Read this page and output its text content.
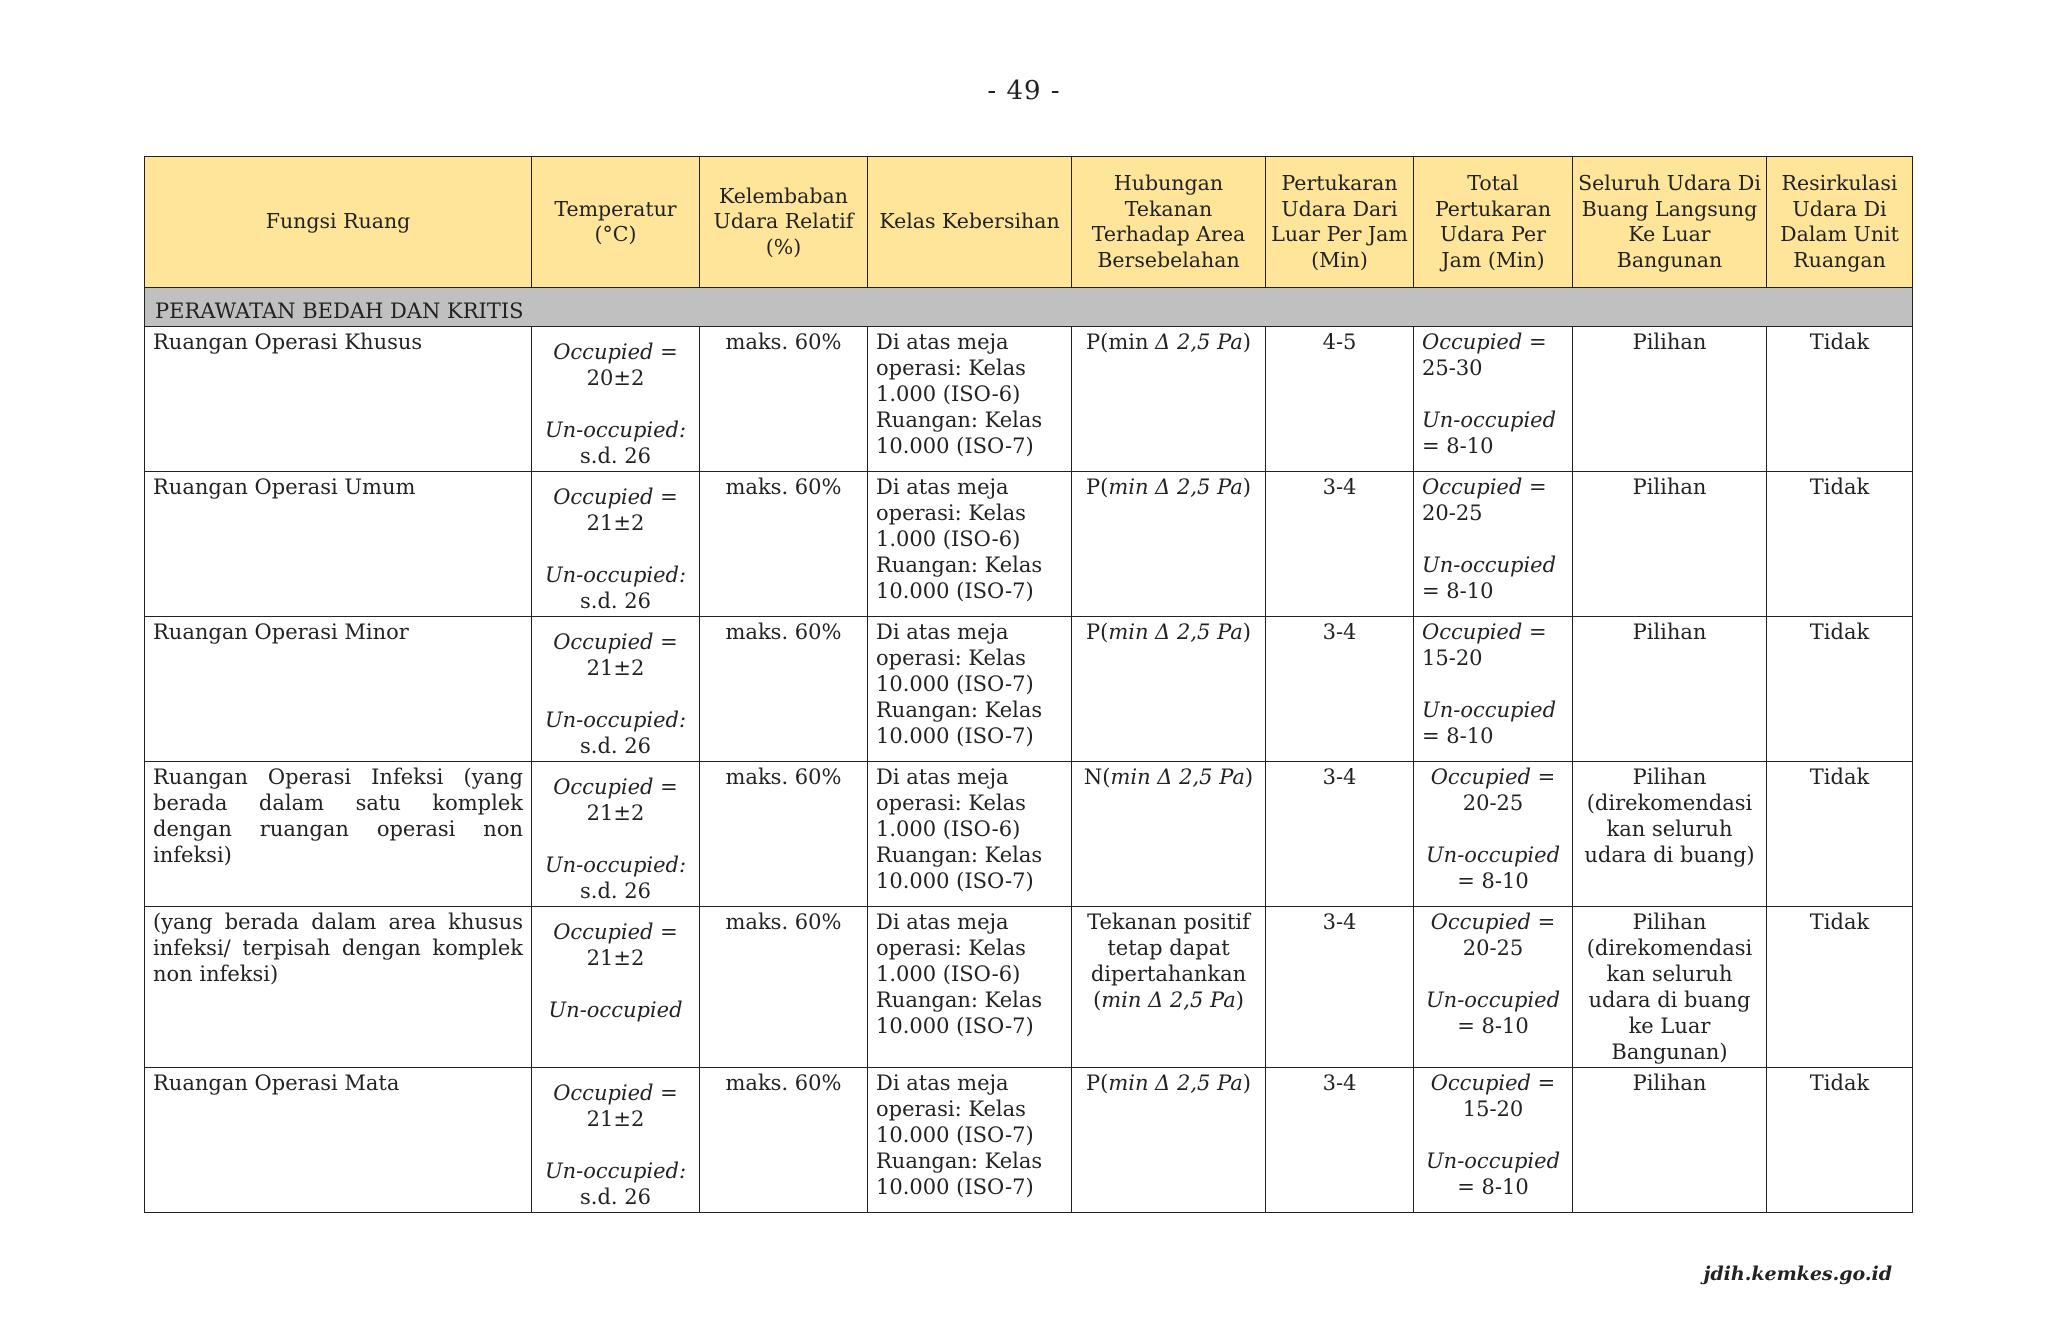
- 49 -
Fungsi Ruang	Temperatur (°C)	Kelembaban Udara Relatif (%)	Kelas Kebersihan	Hubungan Tekanan Terhadap Area Bersebelahan	Pertukaran Udara Dari Luar Per Jam (Min)	Total Pertukaran Udara Per Jam (Min)	Seluruh Udara Di Buang Langsung Ke Luar Bangunan	Resirkulasi Udara Di Dalam Unit Ruangan
PERAWATAN BEDAH DAN KRITIS								
Ruangan Operasi Khusus	Occupied =
20±2
Un-occupied:
s.d. 26	maks. 60%	Di atas meja operasi: Kelas 1.000 (ISO-6) Ruangan: Kelas 10.000 (ISO-7)	P(min Δ 2,5 Pa)	4-5	Occupied =
25-30
Un-occupied
= 8-10	Pilihan	Tidak
Ruangan Operasi Umum	Occupied =
21±2
Un-occupied:
s.d. 26	maks. 60%	Di atas meja operasi: Kelas 1.000 (ISO-6) Ruangan: Kelas 10.000 (ISO-7)	P(min Δ 2,5 Pa)	3-4	Occupied =
20-25
Un-occupied
= 8-10	Pilihan	Tidak
Ruangan Operasi Minor	Occupied =
21±2
Un-occupied:
s.d. 26	maks. 60%	Di atas meja operasi: Kelas 10.000 (ISO-7) Ruangan: Kelas 10.000 (ISO-7)	P(min Δ 2,5 Pa)	3-4	Occupied =
15-20
Un-occupied
= 8-10	Pilihan	Tidak
Ruangan Operasi Infeksi (yang berada dalam satu komplek dengan ruangan operasi non infeksi)	Occupied =
21±2
Un-occupied:
s.d. 26	maks. 60%	Di atas meja operasi: Kelas 1.000 (ISO-6) Ruangan: Kelas 10.000 (ISO-7)	N(min Δ 2,5 Pa)	3-4	Occupied =
20-25
Un-occupied
= 8-10	Pilihan (direkomendasi kan seluruh udara di buang)	Tidak
(yang berada dalam area khusus infeksi/ terpisah dengan komplek non infeksi)	Occupied =
21±2
Un-occupied	maks. 60%	Di atas meja operasi: Kelas 1.000 (ISO-6) Ruangan: Kelas 10.000 (ISO-7)	Tekanan positif tetap dapat dipertahankan (min Δ 2,5 Pa)	3-4	Occupied =
20-25
Un-occupied
= 8-10	Pilihan (direkomendasi kan seluruh udara di buang ke Luar Bangunan)	Tidak
Ruangan Operasi Mata	Occupied =
21±2
Un-occupied:
s.d. 26	maks. 60%	Di atas meja operasi: Kelas 10.000 (ISO-7) Ruangan: Kelas 10.000 (ISO-7)	P(min Δ 2,5 Pa)	3-4	Occupied =
15-20
Un-occupied
= 8-10	Pilihan	Tidak
jdih.kemkes.go.id
